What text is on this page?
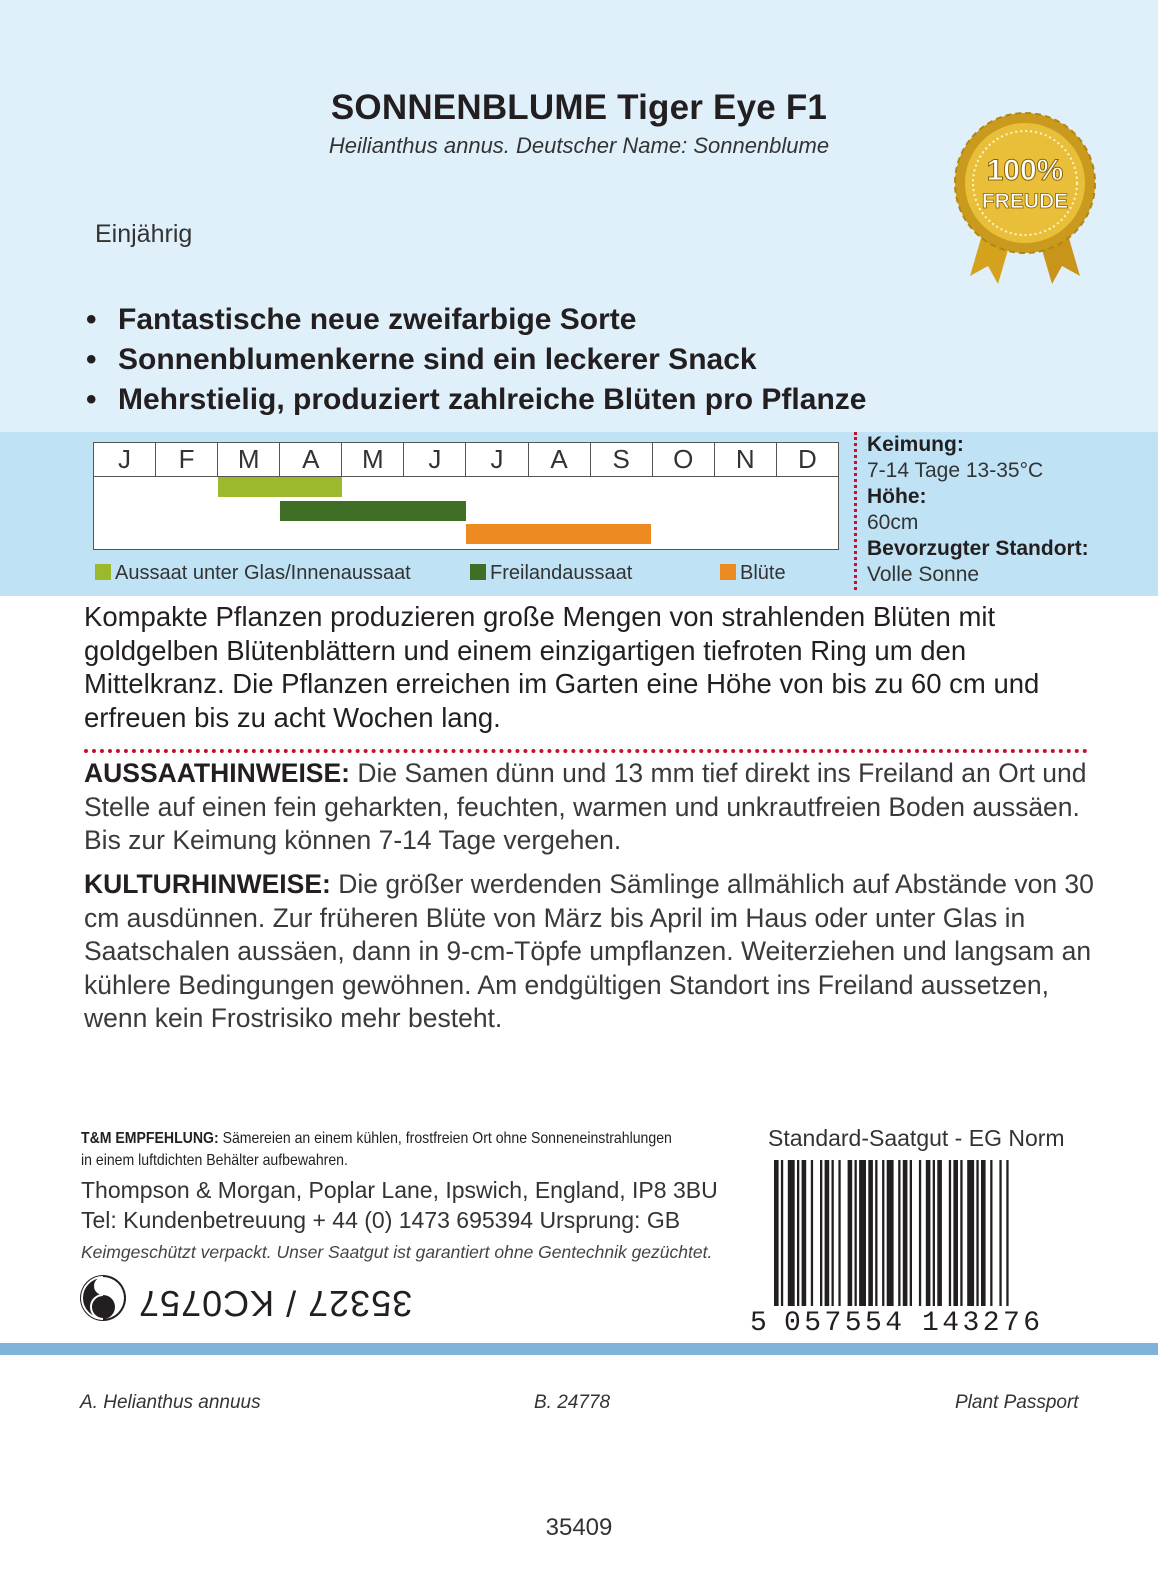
SONNENBLUME Tiger Eye F1
Heilianthus annus. Deutscher Name: Sonnenblume
Einjährig
100%
FREUDE
• Fantastische neue zweifarbige Sorte
• Sonnenblumenkerne sind ein leckerer Snack
• Mehrstielig, produziert zahlreiche Blüten pro Pflanze
J	F	M	A	M	J	J	A	S	O	N	D
Aussaat unter Glas/Innenaussaat	Freilandaussaat	Blüte
Keimung:
7-14 Tage 13-35°C
Höhe:
60cm
Bevorzugter Standort:
Volle Sonne
Kompakte Pflanzen produzieren große Mengen von strahlenden Blüten mit goldgelben Blütenblättern und einem einzigartigen tiefroten Ring um den Mittelkranz. Die Pflanzen erreichen im Garten eine Höhe von bis zu 60 cm und erfreuen bis zu acht Wochen lang.
AUSSAATHINWEISE: Die Samen dünn und 13 mm tief direkt ins Freiland an Ort und Stelle auf einen fein geharkten, feuchten, warmen und unkrautfreien Boden aussäen. Bis zur Keimung können 7-14 Tage vergehen.
KULTURHINWEISE: Die größer werdenden Sämlinge allmählich auf Abstände von 30 cm ausdünnen. Zur früheren Blüte von März bis April im Haus oder unter Glas in Saatschalen aussäen, dann in 9-cm-Töpfe umpflanzen. Weiterziehen und langsam an kühlere Bedingungen gewöhnen. Am endgültigen Standort ins Freiland aussetzen, wenn kein Frostrisiko mehr besteht.
T&M EMPFEHLUNG: Sämereien an einem kühlen, frostfreien Ort ohne Sonneneinstrahlungen in einem luftdichten Behälter aufbewahren.
Thompson & Morgan, Poplar Lane, Ipswich, England, IP8 3BU
Tel: Kundenbetreuung + 44 (0) 1473 695394 Ursprung: GB
Keimgeschützt verpackt. Unser Saatgut ist garantiert ohne Gentechnik gezüchtet.
35327 / KC0757
Standard-Saatgut - EG Norm
5 057554 143276
A. Helianthus annuus	B. 24778	Plant Passport
35409
